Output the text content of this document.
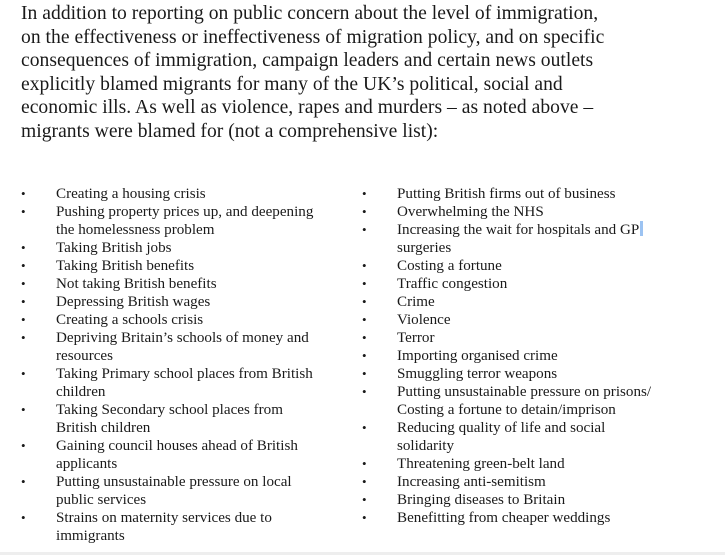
In addition to reporting on public concern about the level of immigration,
on the effectiveness or ineffectiveness of migration policy, and on specific
consequences of immigration, campaign leaders and certain news outlets
explicitly blamed migrants for many of the UK’s political, social and
economic ills. As well as violence, rapes and murders – as noted above –
migrants were blamed for (not a comprehensive list):

•	Creating a housing crisis
•	Pushing property prices up, and deepening
the homelessness problem
•	Taking British jobs
•	Taking British benefits
•	Not taking British benefits
•	Depressing British wages
•	Creating a schools crisis
•	Depriving Britain’s schools of money and
resources
•	Taking Primary school places from British
children
•	Taking Secondary school places from
British children
•	Gaining council houses ahead of British
applicants
•	Putting unsustainable pressure on local
public services
•	Strains on maternity services due to
immigrants
•	Putting British firms out of business
•	Overwhelming the NHS
•	Increasing the wait for hospitals and GP
surgeries
•	Costing a fortune
•	Traffic congestion
•	Crime
•	Violence
•	Terror
•	Importing organised crime
•	Smuggling terror weapons
•	Putting unsustainable pressure on prisons/
Costing a fortune to detain/imprison
•	Reducing quality of life and social
solidarity
•	Threatening green-belt land
•	Increasing anti-semitism
•	Bringing diseases to Britain
•	Benefitting from cheaper weddings
